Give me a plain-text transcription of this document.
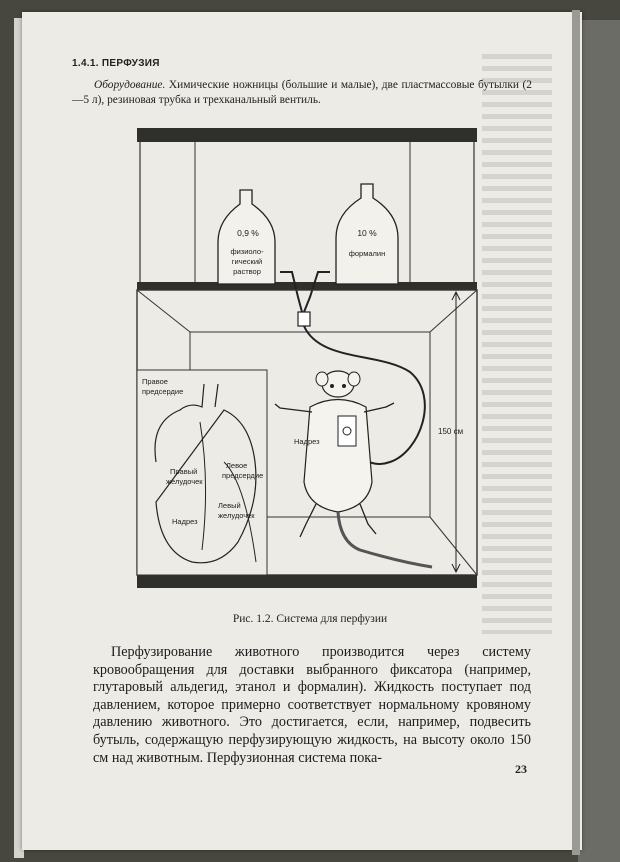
1.4.1. ПЕРФУЗИЯ
Оборудование. Химические ножницы (большие и малые), две пластмассовые бутылки (2—5 л), резиновая трубка и трехканальный вентиль.
0,9 %
физиоло-
гический
раствор
10 %
формалин
150 см
Надрез
Правое
предсердие
Правый
желудочек
Левое
предсердие
Левый
желудочек
Надрез
Рис. 1.2. Система для перфузии
Перфузирование животного производится через систему кровообращения для доставки выбранного фиксатора (например, глутаровый альдегид, этанол и формалин). Жидкость поступает под давлением, которое примерно соответствует нормальному кровяному давлению животного. Это достигается, если, например, подвесить бутыль, содержащую перфузирующую жидкость, на высоту около 150 см над животным. Перфузионная система пока-
23
